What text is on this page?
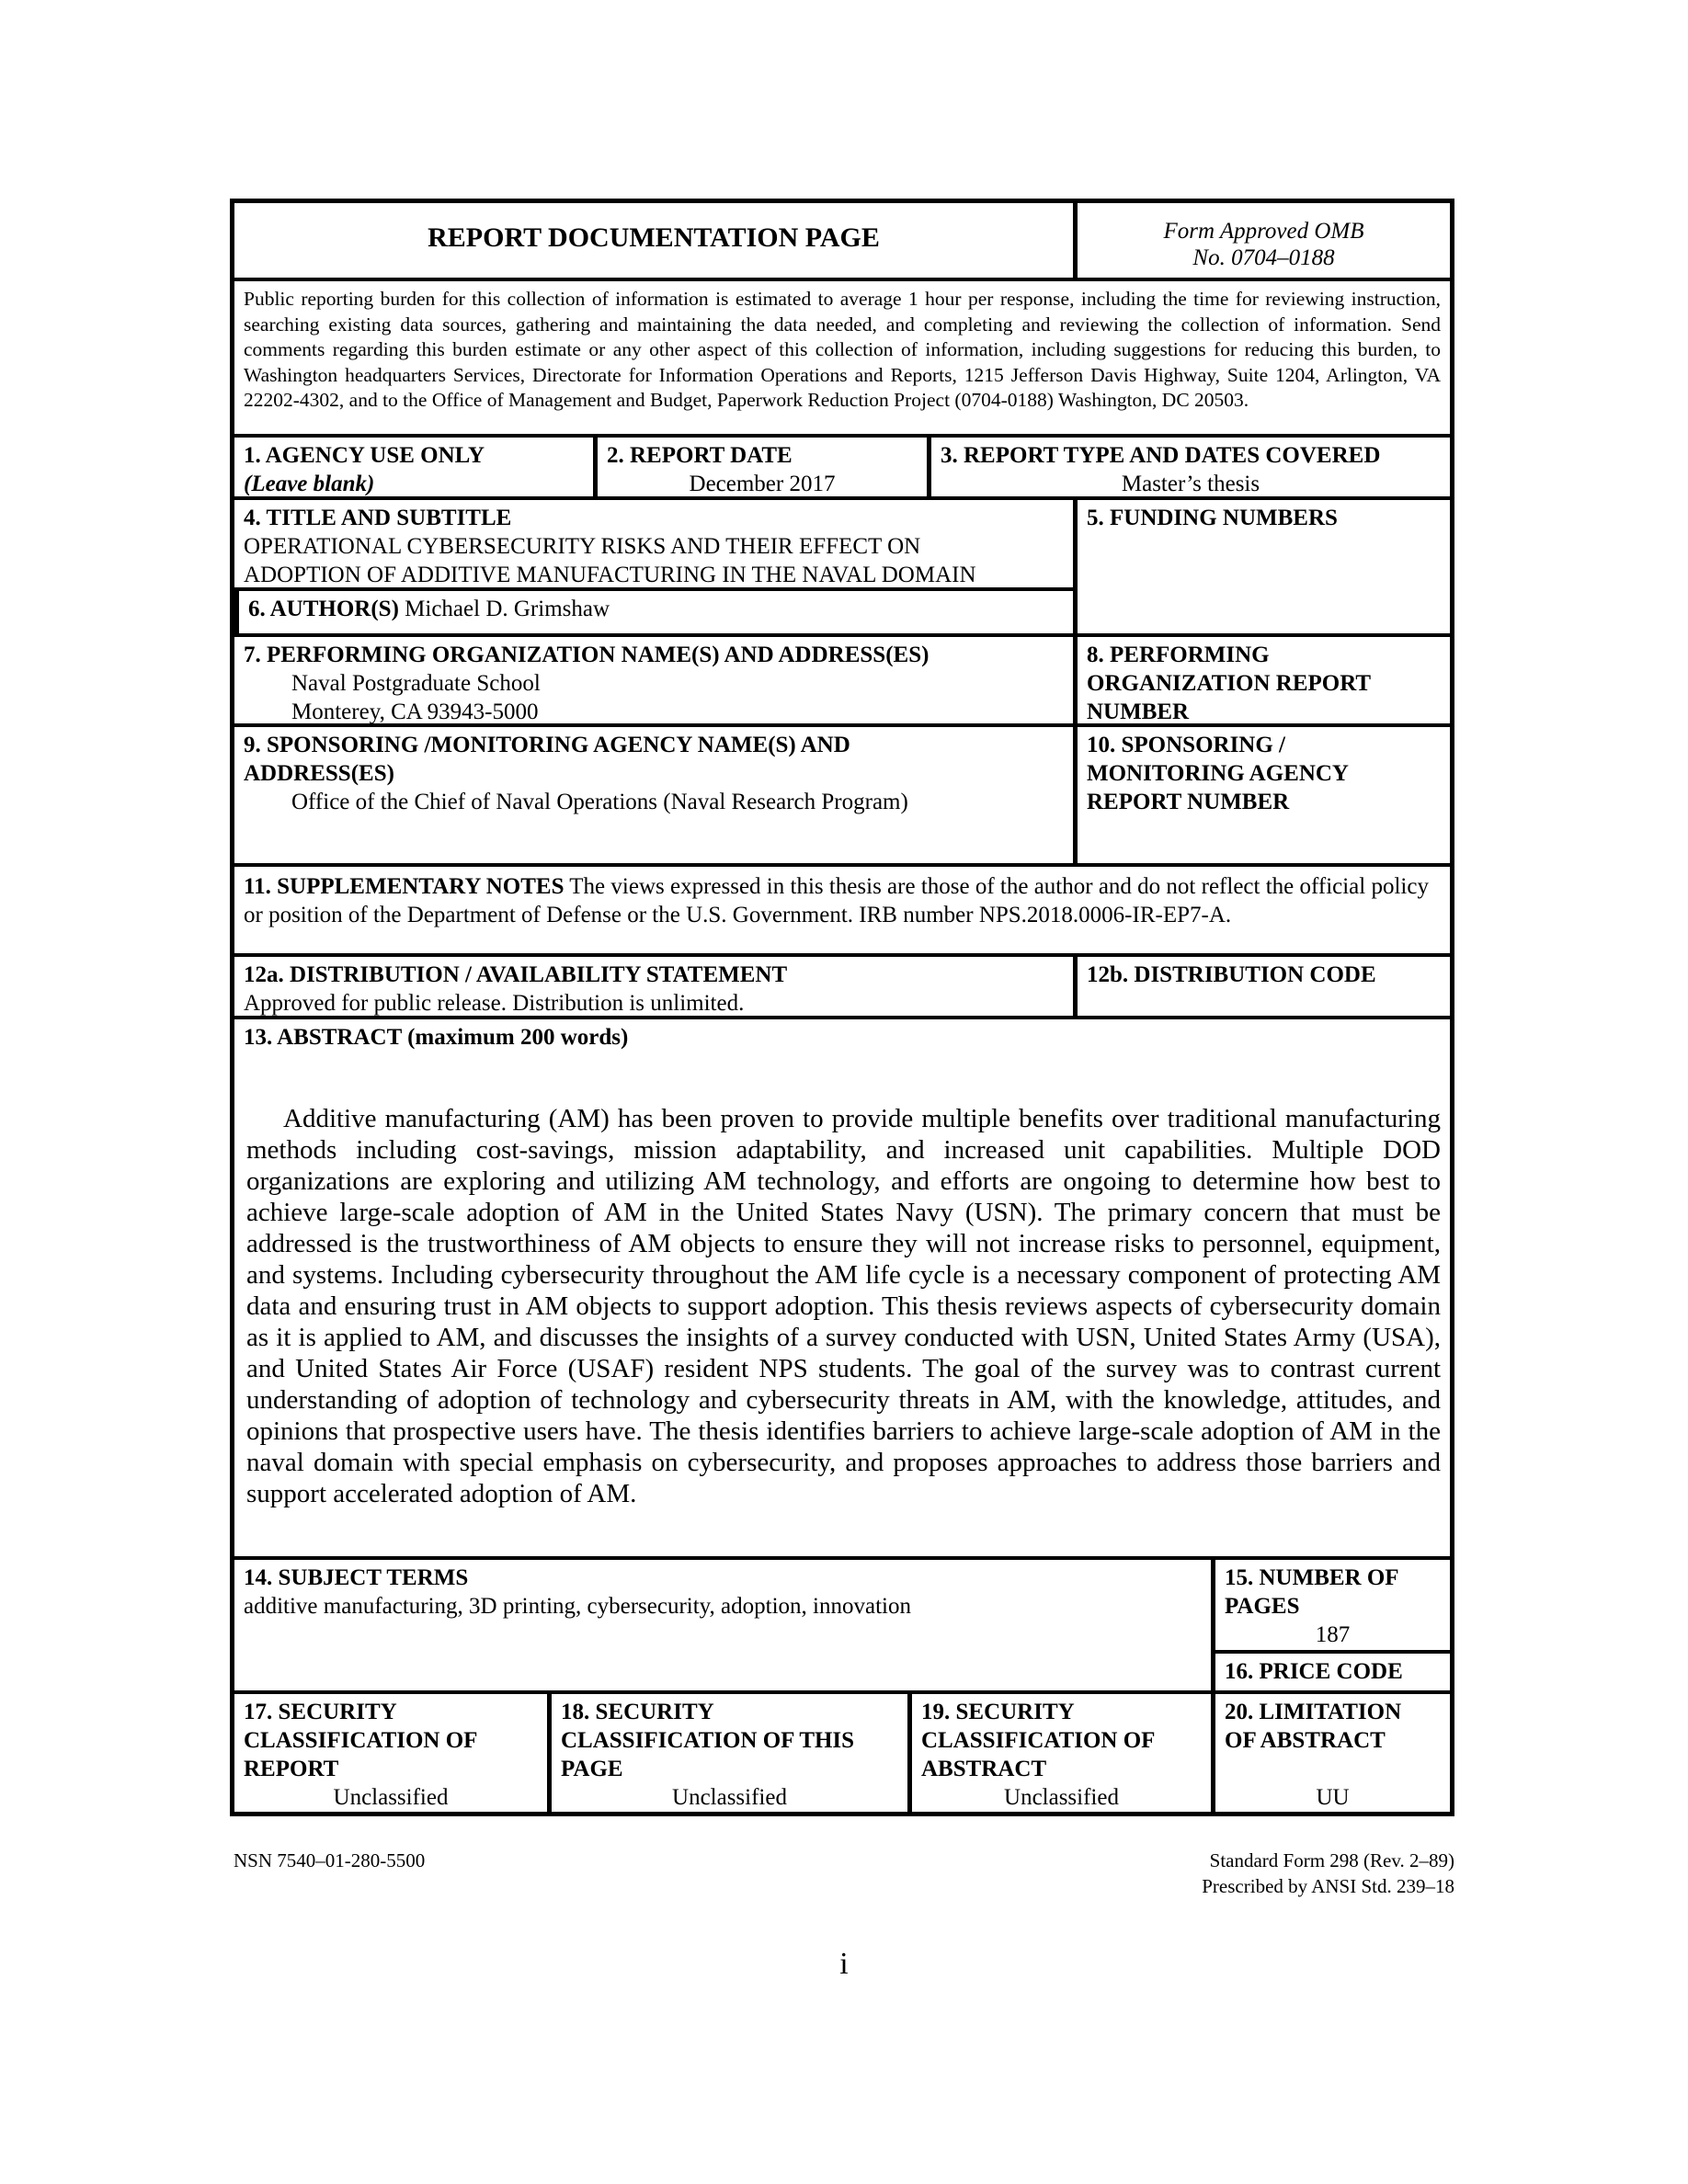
REPORT DOCUMENTATION PAGE	Form Approved OMB
No. 0704–0188
Public reporting burden for this collection of information is estimated to average 1 hour per response, including the time for reviewing instruction, searching existing data sources, gathering and maintaining the data needed, and completing and reviewing the collection of information. Send comments regarding this burden estimate or any other aspect of this collection of information, including suggestions for reducing this burden, to Washington headquarters Services, Directorate for Information Operations and Reports, 1215 Jefferson Davis Highway, Suite 1204, Arlington, VA 22202-4302, and to the Office of Management and Budget, Paperwork Reduction Project (0704-0188) Washington, DC 20503.
1. AGENCY USE ONLY
(Leave blank)
2. REPORT DATE
December 2017
3. REPORT TYPE AND DATES COVERED
Master’s thesis
4. TITLE AND SUBTITLE
OPERATIONAL CYBERSECURITY RISKS AND THEIR EFFECT ON
ADOPTION OF ADDITIVE MANUFACTURING IN THE NAVAL DOMAIN
5. FUNDING NUMBERS
6. AUTHOR(S) Michael D. Grimshaw
7. PERFORMING ORGANIZATION NAME(S) AND ADDRESS(ES)
Naval Postgraduate School
Monterey, CA 93943-5000
8. PERFORMING
ORGANIZATION REPORT
NUMBER
9. SPONSORING /MONITORING AGENCY NAME(S) AND
ADDRESS(ES)
Office of the Chief of Naval Operations (Naval Research Program)
10. SPONSORING /
MONITORING AGENCY
REPORT NUMBER
11. SUPPLEMENTARY NOTES The views expressed in this thesis are those of the author and do not reflect the official policy or position of the Department of Defense or the U.S. Government. IRB number NPS.2018.0006-IR-EP7-A.
12a. DISTRIBUTION / AVAILABILITY STATEMENT
Approved for public release. Distribution is unlimited.
12b. DISTRIBUTION CODE
13. ABSTRACT (maximum 200 words)
Additive manufacturing (AM) has been proven to provide multiple benefits over traditional manufacturing methods including cost-savings, mission adaptability, and increased unit capabilities. Multiple DOD organizations are exploring and utilizing AM technology, and efforts are ongoing to determine how best to achieve large-scale adoption of AM in the United States Navy (USN). The primary concern that must be addressed is the trustworthiness of AM objects to ensure they will not increase risks to personnel, equipment, and systems. Including cybersecurity throughout the AM life cycle is a necessary component of protecting AM data and ensuring trust in AM objects to support adoption. This thesis reviews aspects of cybersecurity domain as it is applied to AM, and discusses the insights of a survey conducted with USN, United States Army (USA), and United States Air Force (USAF) resident NPS students. The goal of the survey was to contrast current understanding of adoption of technology and cybersecurity threats in AM, with the knowledge, attitudes, and opinions that prospective users have. The thesis identifies barriers to achieve large-scale adoption of AM in the naval domain with special emphasis on cybersecurity, and proposes approaches to address those barriers and support accelerated adoption of AM.
14. SUBJECT TERMS
additive manufacturing, 3D printing, cybersecurity, adoption, innovation
15. NUMBER OF
PAGES
187
16. PRICE CODE
17. SECURITY
CLASSIFICATION OF
REPORT
Unclassified
18. SECURITY
CLASSIFICATION OF THIS
PAGE
Unclassified
19. SECURITY
CLASSIFICATION OF
ABSTRACT
Unclassified
20. LIMITATION
OF ABSTRACT
UU
NSN 7540–01-280-5500	Standard Form 298 (Rev. 2–89)
Prescribed by ANSI Std. 239–18
i
